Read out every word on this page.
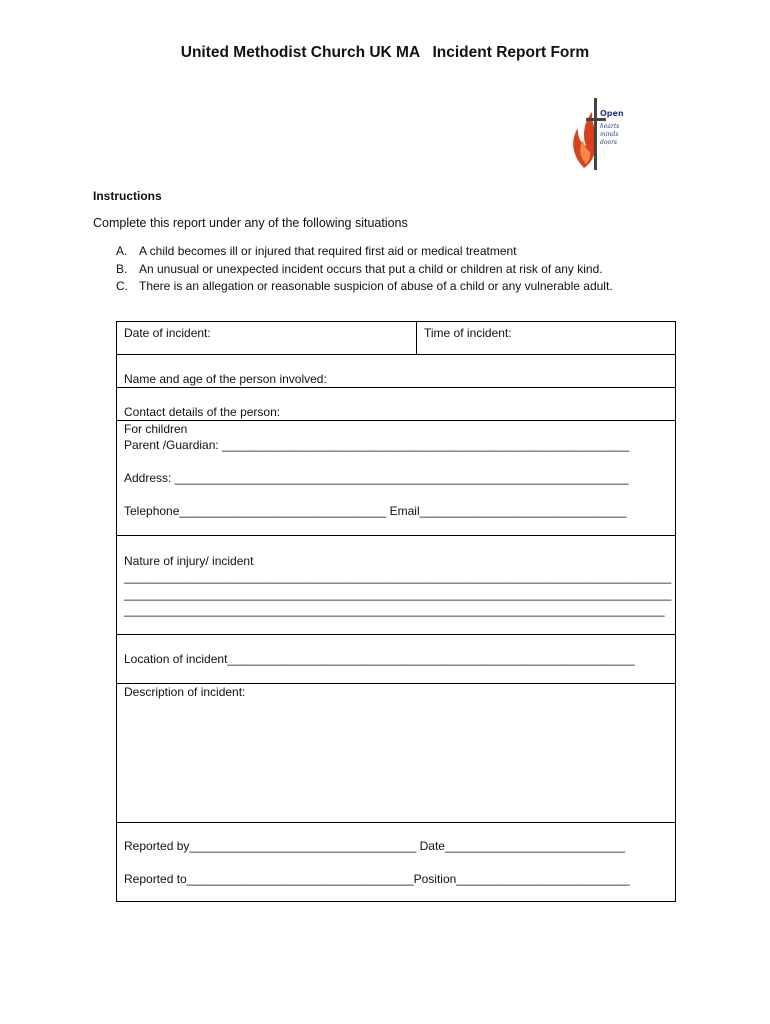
United Methodist Church UK MA   Incident Report Form
Open
hearts
minds
doors
Instructions
Complete this report under any of the following situations
A. A child becomes ill or injured that required first aid or medical treatment
B. An unusual or unexpected incident occurs that put a child or children at risk of any kind.
C. There is an allegation or reasonable suspicion of abuse of a child or any vulnerable adult.
Date of incident:	Time of incident:
Name and age of the person involved:
Contact details of the person:
For children
Parent /Guardian: _____________________________________________________________
Address: ____________________________________________________________________
Telephone_______________________________ Email_______________________________
Nature of injury/ incident
__________________________________________________________________________________
__________________________________________________________________________________
_________________________________________________________________________________
Location of incident_____________________________________________________________
Description of incident:
Reported by__________________________________ Date___________________________
Reported to__________________________________Position__________________________
